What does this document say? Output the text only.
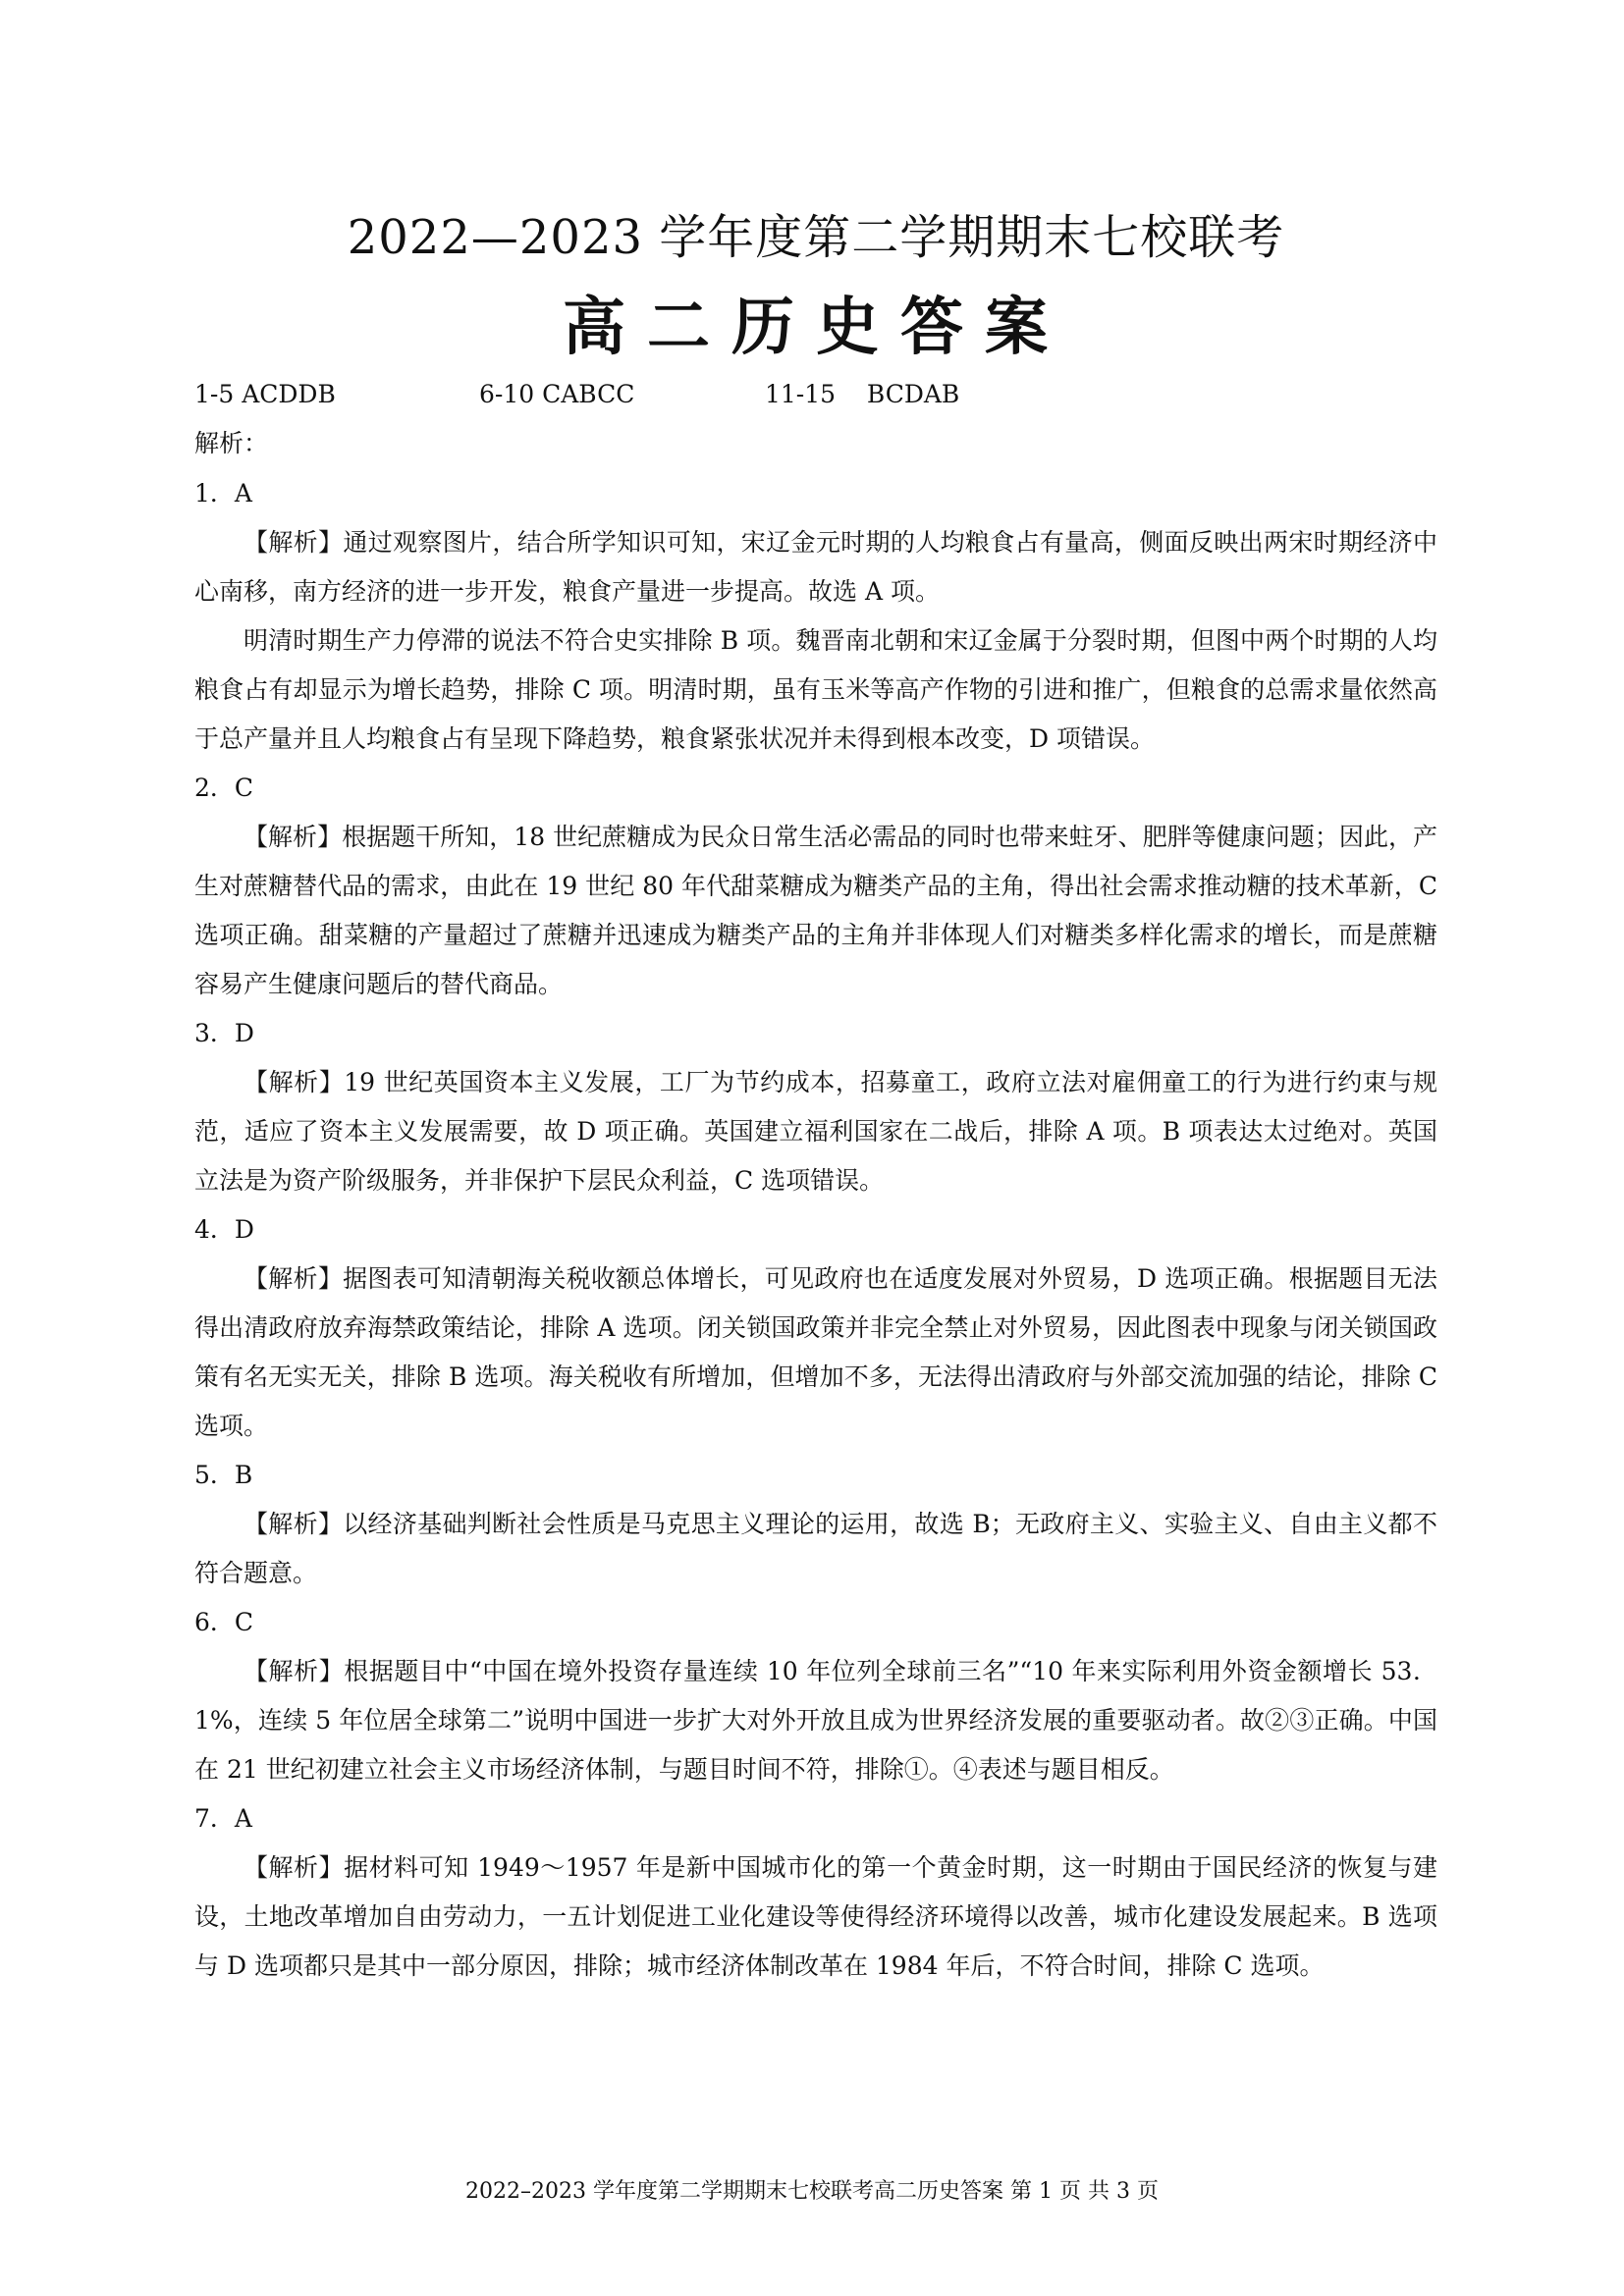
2022—2023 学年度第二学期期末七校联考
高二历史答案
1-5 ACDDB	6-10 CABCC	11-15    BCDAB
解析：
1．A

【解析】通过观察图片，结合所学知识可知，宋辽金元时期的人均粮食占有量高，侧面反映出两宋时期经济中心南移，南方经济的进一步开发，粮食产量进一步提高。故选 A 项。

明清时期生产力停滞的说法不符合史实排除 B 项。魏晋南北朝和宋辽金属于分裂时期，但图中两个时期的人均粮食占有却显示为增长趋势，排除 C 项。明清时期，虽有玉米等高产作物的引进和推广，但粮食的总需求量依然高于总产量并且人均粮食占有呈现下降趋势，粮食紧张状况并未得到根本改变，D 项错误。

2．C

【解析】根据题干所知，18 世纪蔗糖成为民众日常生活必需品的同时也带来蛀牙、肥胖等健康问题；因此，产生对蔗糖替代品的需求，由此在 19 世纪 80 年代甜菜糖成为糖类产品的主角，得出社会需求推动糖的技术革新，C 选项正确。甜菜糖的产量超过了蔗糖并迅速成为糖类产品的主角并非体现人们对糖类多样化需求的增长，而是蔗糖容易产生健康问题后的替代商品。

3．D

【解析】19 世纪英国资本主义发展，工厂为节约成本，招募童工，政府立法对雇佣童工的行为进行约束与规范，适应了资本主义发展需要，故 D 项正确。英国建立福利国家在二战后，排除 A 项。B 项表达太过绝对。英国立法是为资产阶级服务，并非保护下层民众利益，C 选项错误。

4．D

【解析】据图表可知清朝海关税收额总体增长，可见政府也在适度发展对外贸易，D 选项正确。根据题目无法得出清政府放弃海禁政策结论，排除 A 选项。闭关锁国政策并非完全禁止对外贸易，因此图表中现象与闭关锁国政策有名无实无关，排除 B 选项。海关税收有所增加，但增加不多，无法得出清政府与外部交流加强的结论，排除 C 选项。

5．B

【解析】以经济基础判断社会性质是马克思主义理论的运用，故选 B；无政府主义、实验主义、自由主义都不符合题意。

6．C

【解析】根据题目中“中国在境外投资存量连续 10 年位列全球前三名”“10 年来实际利用外资金额增长 53．1%，连续 5 年位居全球第二”说明中国进一步扩大对外开放且成为世界经济发展的重要驱动者。故②③正确。中国在 21 世纪初建立社会主义市场经济体制，与题目时间不符，排除①。④表述与题目相反。

7．A

【解析】据材料可知 1949～1957 年是新中国城市化的第一个黄金时期，这一时期由于国民经济的恢复与建设，土地改革增加自由劳动力，一五计划促进工业化建设等使得经济环境得以改善，城市化建设发展起来。B 选项与 D 选项都只是其中一部分原因，排除；城市经济体制改革在 1984 年后，不符合时间，排除 C 选项。

2022–2023 学年度第二学期期末七校联考高二历史答案 第 1 页 共 3 页
